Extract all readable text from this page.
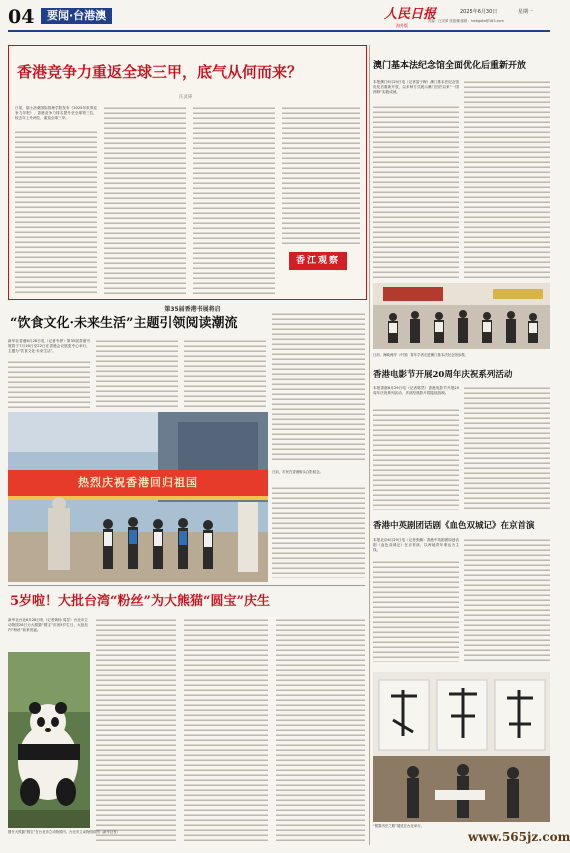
04	要闻·台港澳	人民日报
海外版
2025年6月30日	星期一
责编：汪灵犀 张振骥 邮箱：hwbgatb@163.com
香港竞争力重返全球三甲，底气从何而来？
汪灵犀
日前，瑞士洛桑国际管理学院发布《2025年世界竞争力年报》，香港竞争力排名提升至全球第三位，较去年上升两位，重返全球三甲。
香江观察
澳门基本法纪念馆全面优化后重新开放
本报澳门6月29日电（记者富子梅）澳门基本法纪念馆优化后重新开放，以多种方式展示澳门回归以来“一国两制”实践成就。
日前，海峡两岸（中国）青年学者走进澳门基本法纪念馆参观。
第35届香港书展将启
“饮食文化·未来生活”主题引领阅读潮流
新华社香港6月28日电（记者韦骅）第35届香港书展将于7月16日至22日在香港会议展览中心举行，主题为“饮食文化·未来生活”。
热烈庆祝香港回归祖国
日前，市民在香港街头合影留念。
香港电影节开展20周年庆祝系列活动
本报香港6月29日电（记者陈然）香港电影节开展20周年庆祝系列活动，多部经典影片将陆续放映。
香港中英剧团话剧《血色双城记》在京首演
本报北京6月29日电（记者张鹏）香港中英剧团原创话剧《血色双城记》在京首演，以两地青年命运为主线。
5岁啦！大批台湾“粉丝”为大熊猫“圆宝”庆生
新华社台北6月28日电（记者黄扬 周昱）台北市立动物园28日为大熊猫“圆宝”庆祝5岁生日，大批岛内“粉丝”前来祝福。
圆仔大熊猫“圆宝”在台北市立动物园内。台北市立动物园供图（新华社发）
“熊猫书法之路”展览在台北举行。
www.565jz.com
